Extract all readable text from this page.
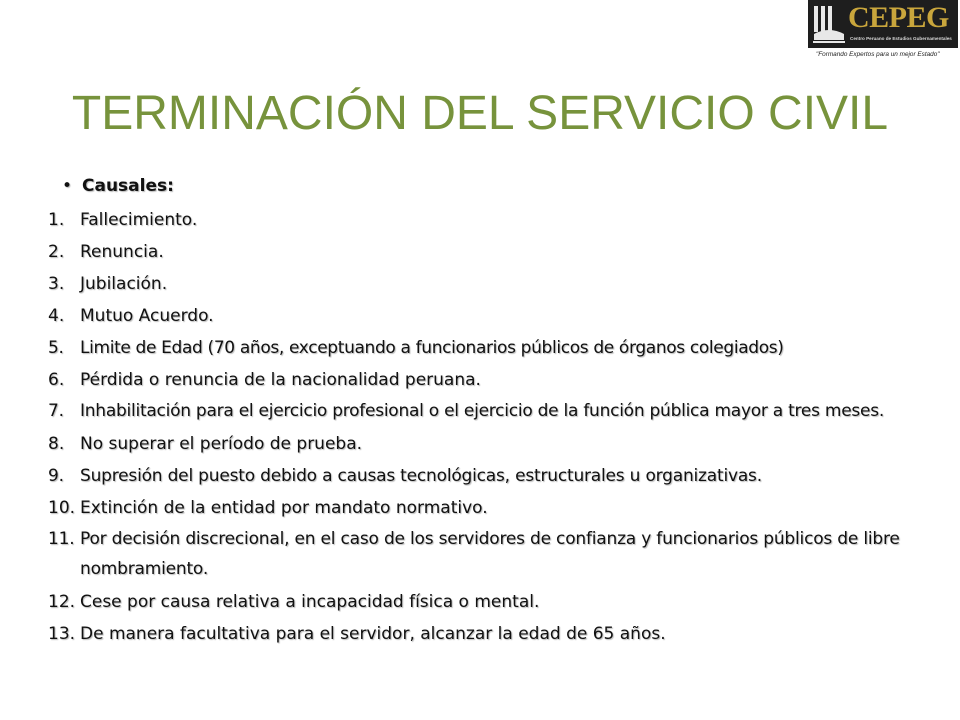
CEPEG
Centro Peruano de Estudios Gubernamentales
"Formando Expertos para un mejor Estado"
TERMINACIÓN DEL SERVICIO CIVIL
• Causales:
1. Fallecimiento.
2. Renuncia.
3. Jubilación.
4. Mutuo Acuerdo.
5. Limite de Edad (70 años, exceptuando a funcionarios públicos de órganos colegiados)
6. Pérdida o renuncia de la nacionalidad peruana.
7. Inhabilitación para el ejercicio profesional o el ejercicio de la función pública mayor a tres meses.
8. No superar el período de prueba.
9. Supresión del puesto debido a causas tecnológicas, estructurales u organizativas.
10. Extinción de la entidad por mandato normativo.
11. Por decisión discrecional, en el caso de los servidores de confianza y funcionarios públicos de libre nombramiento.
12. Cese por causa relativa a incapacidad física o mental.
13. De manera facultativa para el servidor, alcanzar la edad de 65 años.
